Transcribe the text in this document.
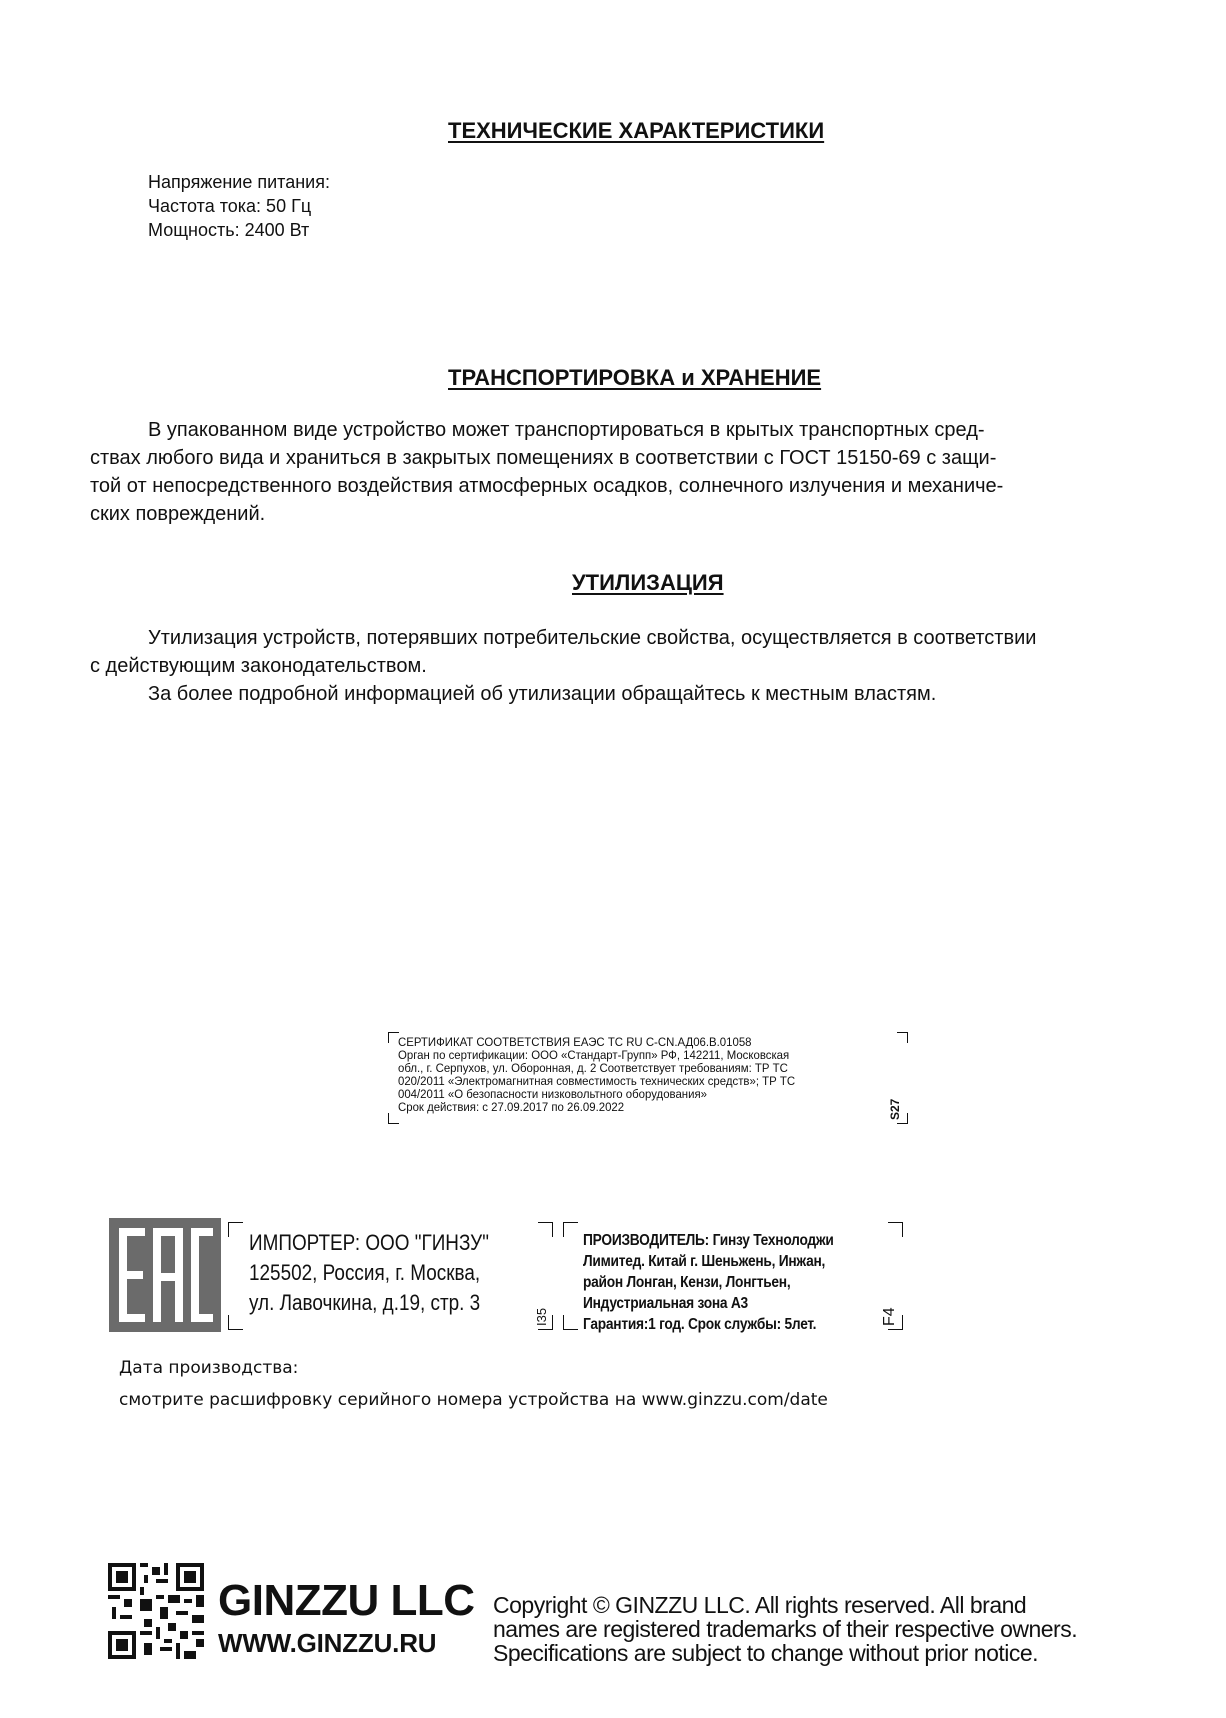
ТЕХНИЧЕСКИЕ ХАРАКТЕРИСТИКИ
Напряжение питания:
Частота тока: 50 Гц
Мощность: 2400 Вт
ТРАНСПОРТИРОВКА и ХРАНЕНИЕ
В упакованном виде устройство может транспортироваться в крытых транспортных сред-
ствах любого вида и храниться в закрытых помещениях в соответствии с ГОСТ 15150-69 с защи-
той от непосредственного воздействия атмосферных осадков, солнечного излучения и механиче-
ских повреждений.
УТИЛИЗАЦИЯ
Утилизация устройств, потерявших потребительские свойства, осуществляется в соответствии
с действующим законодательством.
За более подробной информацией об утилизации обращайтесь к местным властям.
СЕРТИФИКАТ СООТВЕТСТВИЯ ЕАЭС ТС RU C-CN.АД06.В.01058
Орган по сертификации: ООО «Стандарт-Групп» РФ, 142211, Московская
обл., г. Серпухов, ул. Оборонная, д. 2 Соответствует требованиям: ТР ТС
020/2011 «Электромагнитная совместимость технических средств»; ТР ТС
004/2011 «О безопасности низковольтного оборудования»
Срок действия: с 27.09.2017 по 26.09.2022	S27
ИМПОРТЕР: ООО "ГИНЗУ"
125502, Россия, г. Москва,
ул. Лавочкина, д.19, стр. 3
I35
ПРОИЗВОДИТЕЛЬ: Гинзу Технолоджи
Лимитед. Китай г. Шеньжень, Инжан,
район Лонган, Кензи, Лонгтьен,
Индустриальная зона А3
Гарантия:1 год. Срок службы: 5лет.	F4
Дата производства:
смотрите расшифровку серийного номера устройства на www.ginzzu.com/date
GINZZU LLC
WWW.GINZZU.RU
Copyright © GINZZU LLC. All rights reserved. All brand
names are registered trademarks of their respective owners.
Specifications are subject to change without prior notice.
